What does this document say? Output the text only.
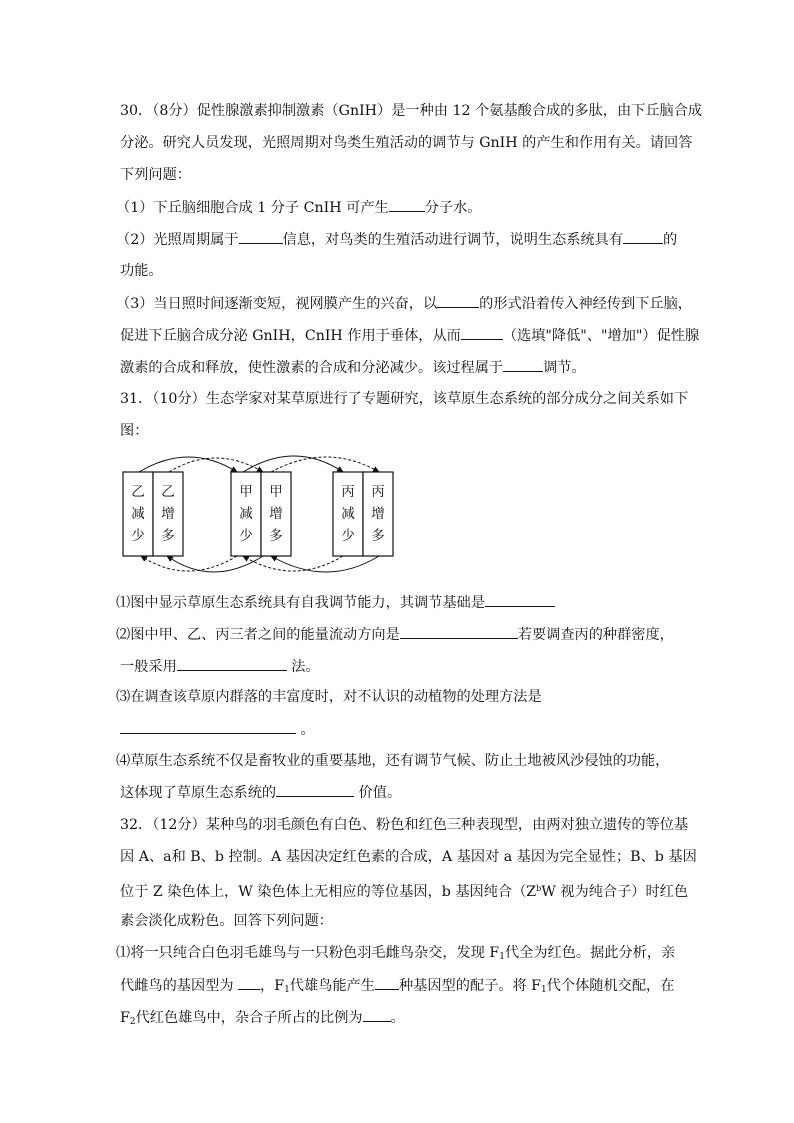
30．（8分）促性腺激素抑制激素（GnIH）是一种由 12 个氨基酸合成的多肽，由下丘脑合成
分泌。研究人员发现，光照周期对鸟类生殖活动的调节与 GnIH 的产生和作用有关。请回答
下列问题：
（1）下丘脑细胞合成 1 分子 CnIH 可产生	分子水。
（2）光照周期属于	信息，对鸟类的生殖活动进行调节，说明生态系统具有	的
功能。
（3）当日照时间逐渐变短，视网膜产生的兴奋，以	的形式沿着传入神经传到下丘脑，
促进下丘脑合成分泌 GnIH，CnIH 作用于垂体，从而	（选填"降低"、"增加"）促性腺
激素的合成和释放，使性激素的合成和分泌减少。该过程属于	调节。
31．（10分）生态学家对某草原进行了专题研究，该草原生态系统的部分成分之间关系如下
图：
乙减少
乙增多
甲减少
甲增多
丙减少
丙增多
⑴图中显示草原生态系统具有自我调节能力，其调节基础是
⑵图中甲、乙、丙三者之间的能量流动方向是	若要调查丙的种群密度，
一般采用	法。
⑶在调查该草原内群落的丰富度时，对不认识的动植物的处理方法是
。
⑷草原生态系统不仅是畜牧业的重要基地，还有调节气候、防止土地被风沙侵蚀的功能，
这体现了草原生态系统的	价值。
32．（12分）某种鸟的羽毛颜色有白色、粉色和红色三种表现型，由两对独立遗传的等位基
因 A、a和 B、b 控制。A 基因决定红色素的合成，A 基因对 a 基因为完全显性；B、b 基因
位于 Z 染色体上，W 染色体上无相应的等位基因，b 基因纯合（$Z^bW$ 视为纯合子）时红色
素会淡化成粉色。回答下列问题：
⑴将一只纯合白色羽毛雄鸟与一只粉色羽毛雌鸟杂交，发现 $F_1$代全为红色。据此分析，亲
代雌鸟的基因型为 ，$F_1$代雄鸟能产生 种基因型的配子。将 $F_1$代个体随机交配，在
$F_2$代红色雄鸟中，杂合子所占的比例为 。
